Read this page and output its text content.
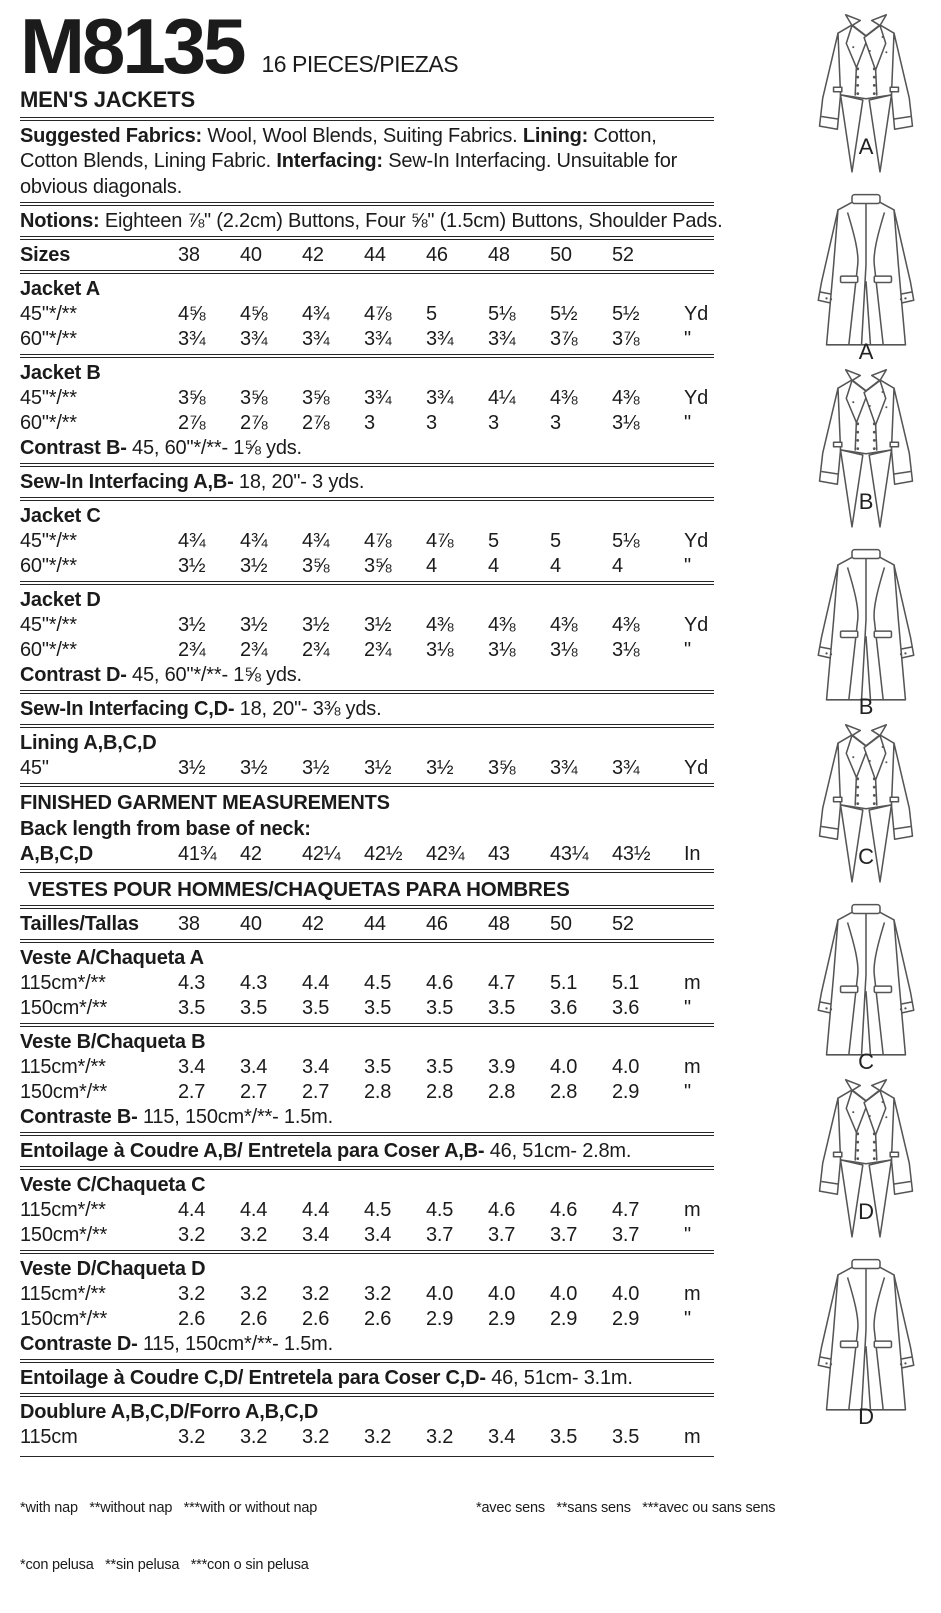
M8135 16 PIECES/PIEZAS
MEN'S JACKETS
Suggested Fabrics: Wool, Wool Blends, Suiting Fabrics. Lining: Cotton, Cotton Blends, Lining Fabric. Interfacing: Sew-In Interfacing. Unsuitable for obvious diagonals.
Notions: Eighteen ⅞" (2.2cm) Buttons, Four ⅝" (1.5cm) Buttons, Shoulder Pads.
Sizes	38	40	42	44	46	48	50	52
Jacket A
45"*/**	4⅝	4⅝	4¾	4⅞	5	5⅛	5½	5½	Yd
60"*/**	3¾	3¾	3¾	3¾	3¾	3¾	3⅞	3⅞	"
Jacket B
45"*/**	3⅝	3⅝	3⅝	3¾	3¾	4¼	4⅜	4⅜	Yd
60"*/**	2⅞	2⅞	2⅞	3	3	3	3	3⅛	"
Contrast B- 45, 60"*/**- 1⅝ yds.
Sew-In Interfacing A,B- 18, 20"- 3 yds.
Jacket C
45"*/**	4¾	4¾	4¾	4⅞	4⅞	5	5	5⅛	Yd
60"*/**	3½	3½	3⅝	3⅝	4	4	4	4	"
Jacket D
45"*/**	3½	3½	3½	3½	4⅜	4⅜	4⅜	4⅜	Yd
60"*/**	2¾	2¾	2¾	2¾	3⅛	3⅛	3⅛	3⅛	"
Contrast D- 45, 60"*/**- 1⅝ yds.
Sew-In Interfacing C,D- 18, 20"- 3⅜ yds.
Lining A,B,C,D
45"	3½	3½	3½	3½	3½	3⅝	3¾	3¾	Yd
FINISHED GARMENT MEASUREMENTS
Back length from base of neck:
A,B,C,D	41¾	42	42¼	42½	42¾	43	43¼	43½	In
VESTES POUR HOMMES/CHAQUETAS PARA HOMBRES
Tailles/Tallas	38	40	42	44	46	48	50	52
Veste A/Chaqueta A
115cm*/**	4.3	4.3	4.4	4.5	4.6	4.7	5.1	5.1	m
150cm*/**	3.5	3.5	3.5	3.5	3.5	3.5	3.6	3.6	"
Veste B/Chaqueta B
115cm*/**	3.4	3.4	3.4	3.5	3.5	3.9	4.0	4.0	m
150cm*/**	2.7	2.7	2.7	2.8	2.8	2.8	2.8	2.9	"
Contraste B- 115, 150cm*/**- 1.5m.
Entoilage à Coudre A,B/ Entretela para Coser A,B- 46, 51cm- 2.8m.
Veste C/Chaqueta C
115cm*/**	4.4	4.4	4.4	4.5	4.5	4.6	4.6	4.7	m
150cm*/**	3.2	3.2	3.4	3.4	3.7	3.7	3.7	3.7	"
Veste D/Chaqueta D
115cm*/**	3.2	3.2	3.2	3.2	4.0	4.0	4.0	4.0	m
150cm*/**	2.6	2.6	2.6	2.6	2.9	2.9	2.9	2.9	"
Contraste D- 115, 150cm*/**- 1.5m.
Entoilage à Coudre C,D/ Entretela para Coser C,D- 46, 51cm- 3.1m.
Doublure A,B,C,D/Forro A,B,C,D
115cm	3.2	3.2	3.2	3.2	3.2	3.4	3.5	3.5	m

*with nap   **without nap   ***with or without nap

*con pelusa   **sin pelusa   ***con o sin pelusa

*avec sens   **sans sens   ***avec ou sans sens

A
A
B
B
C
C
D
D
